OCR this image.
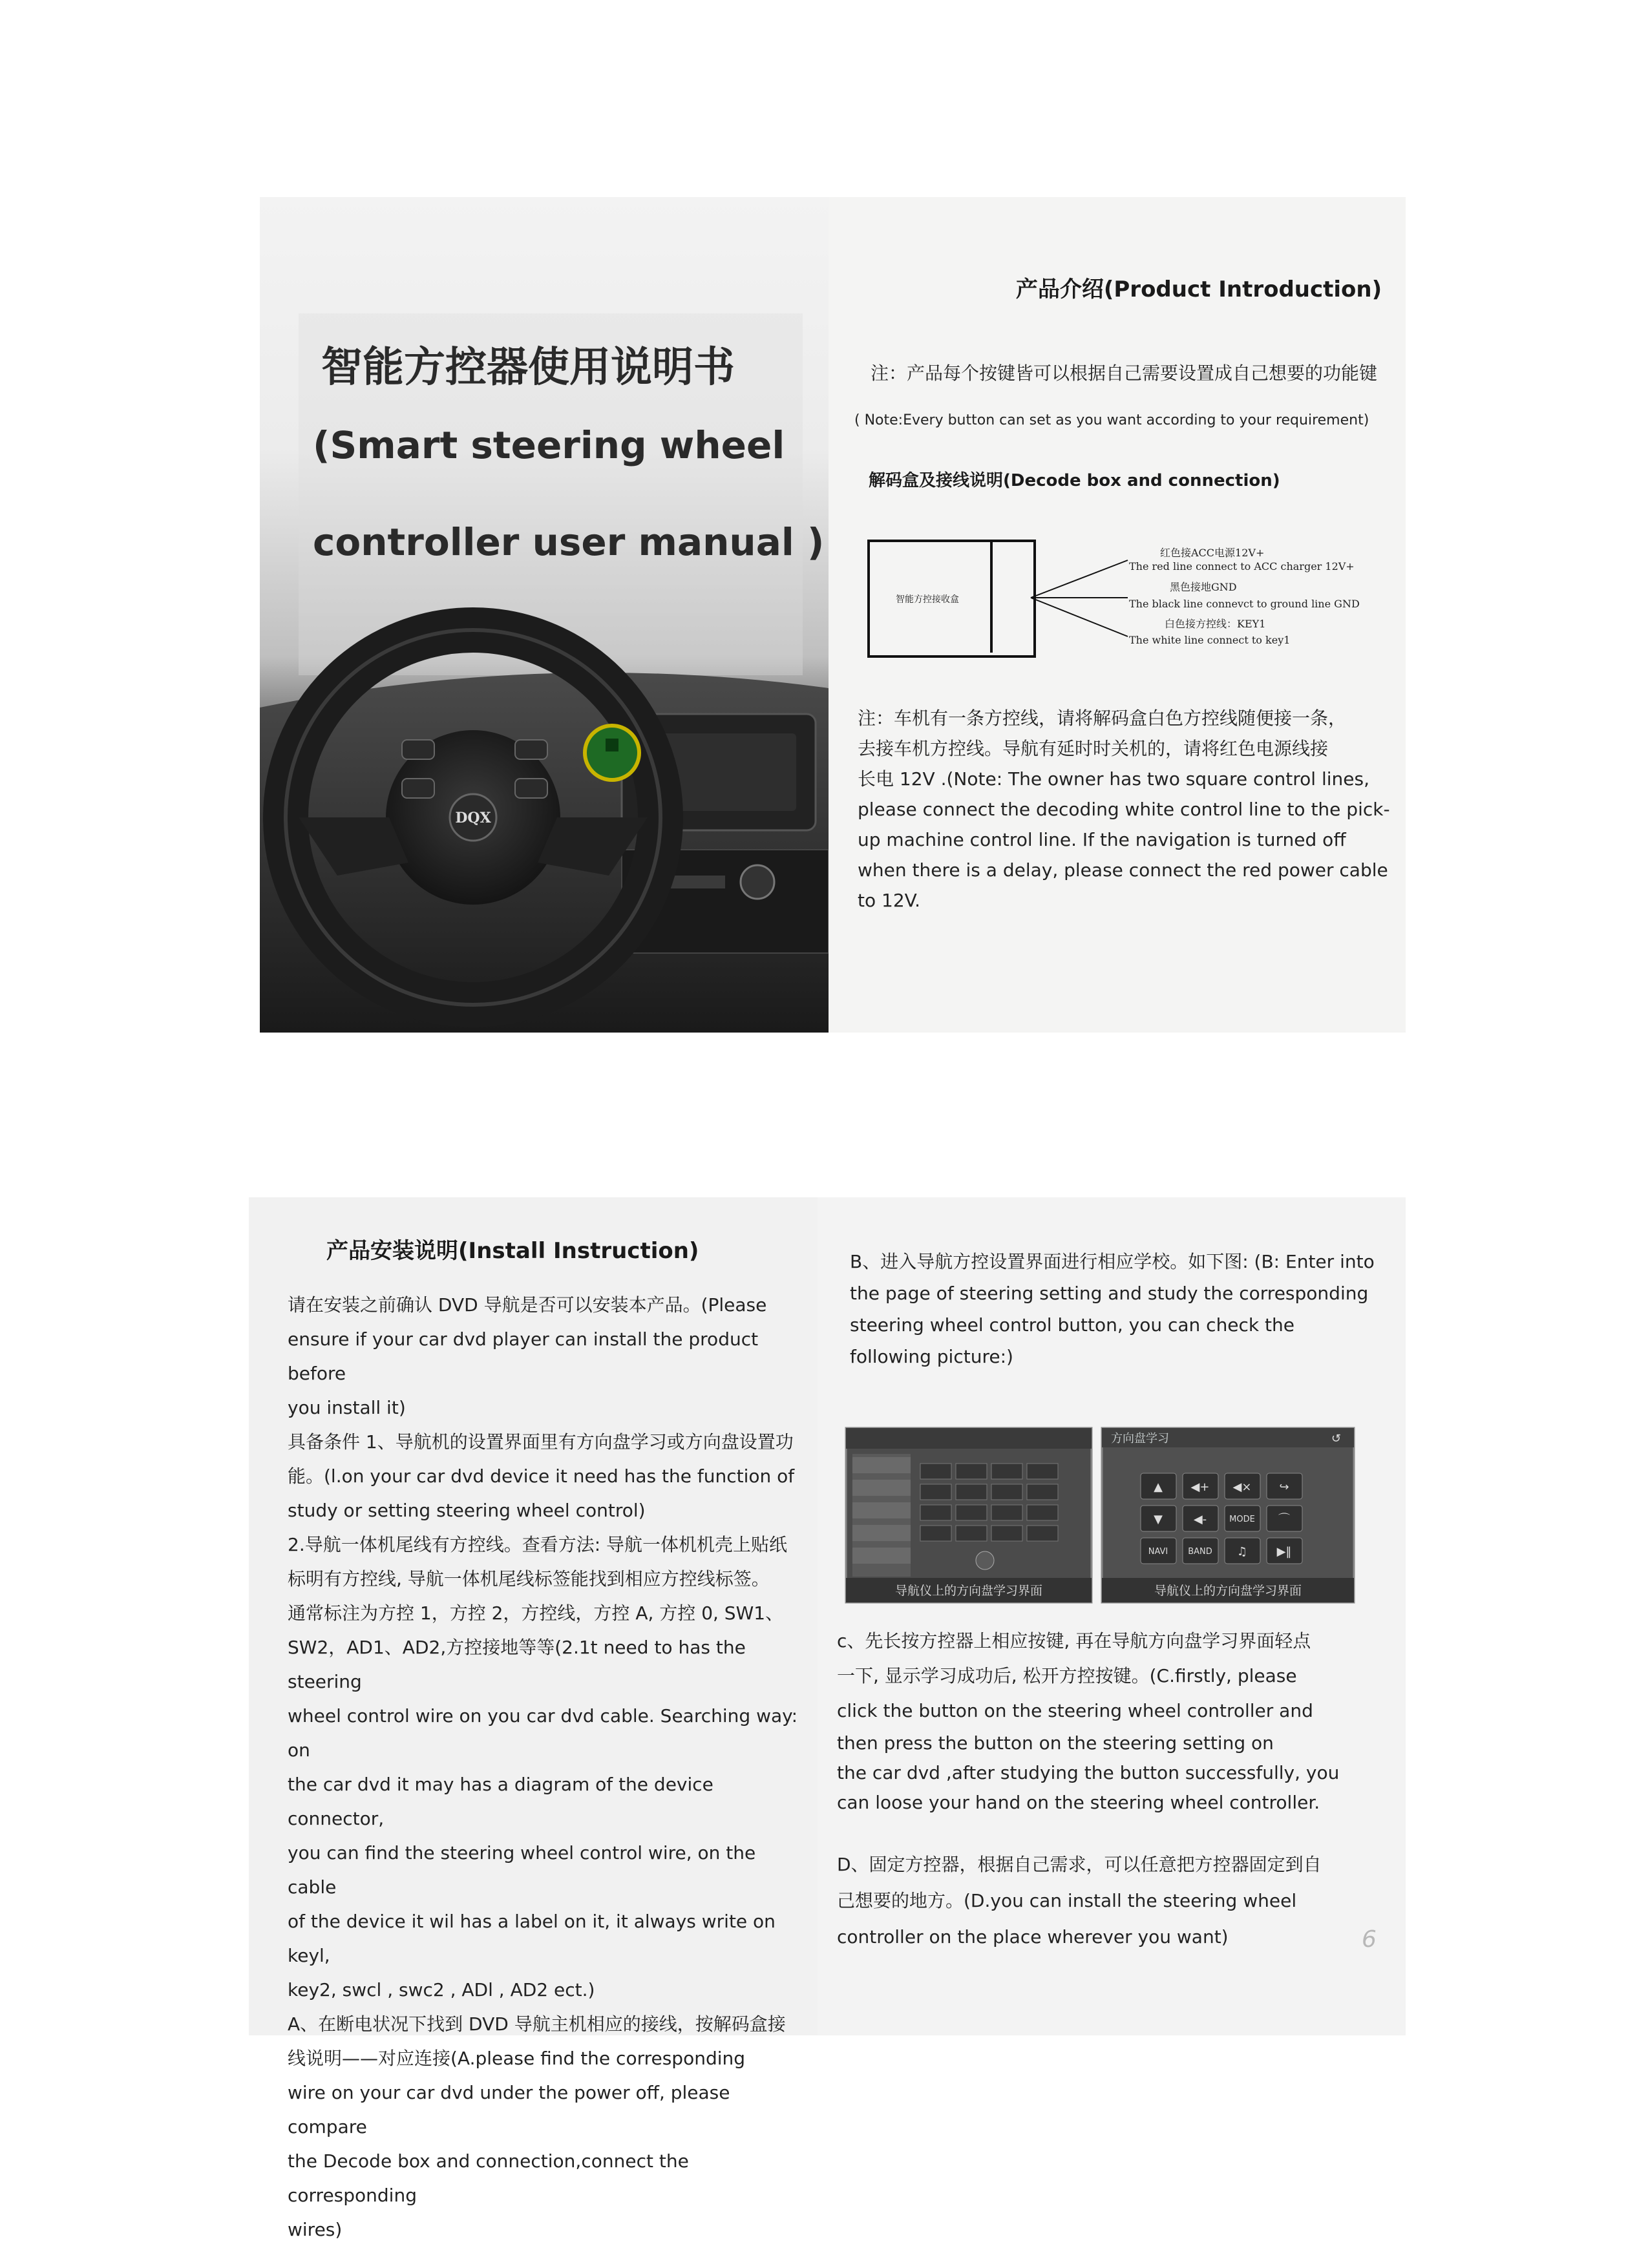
DQX
智能方控器使用说明书
(Smart steering wheel
controller user manual )
产品介绍(Product Introduction)
注：产品每个按键皆可以根据自己需要设置成自己想要的功能键
( Note:Every button can set as you want according to your requirement)
解码盒及接线说明(Decode box and connection)
智能方控接收盒
红色接ACC电源12V+
The red line connect to ACC charger 12V+
黑色接地GND
The black line connevct to ground line GND
白色接方控线：KEY1
The white line connect to key1
注：车机有一条方控线，请将解码盒白色方控线随便接一条，
去接车机方控线。导航有延时时关机的，请将红色电源线接
长电 12V .(Note: The owner has two square control lines,
please connect the decoding white control line to the pick-
up machine control line. If the navigation is turned off
when there is a delay, please connect the red power cable
to 12V.
产品安装说明(Install Instruction)
请在安装之前确认 DVD 导航是否可以安装本产品。(Please
ensure if your car dvd player can install the product before
you install it)
具备条件 1、导航机的设置界面里有方向盘学习或方向盘设置功
能。(l.on your car dvd device it need has the function of
study or setting steering wheel control)
2.导航一体机尾线有方控线。查看方法: 导航一体机机壳上贴纸
标明有方控线, 导航一体机尾线标签能找到相应方控线标签。
通常标注为方控 1，方控 2，方控线，方控 A, 方控 0, SW1、
SW2，AD1、AD2,方控接地等等(2.1t need to has the steering
wheel control wire on you car dvd cable. Searching way: on
the car dvd it may has a diagram of the device connector,
you can find the steering wheel control wire, on the cable
of the device it wil has a label on it, it always write on keyl,
key2, swcl , swc2 , ADl , AD2 ect.)
A、在断电状况下找到 DVD 导航主机相应的接线，按解码盒接
线说明——对应连接(A.please find the corresponding
wire on your car dvd under the power off, please compare
the Decode box and connection,connect the corresponding
wires)
B、进入导航方控设置界面进行相应学校。如下图: (B: Enter into
the page of steering setting and study the corresponding
steering wheel control button, you can check the
following picture:)
导航仪上的方向盘学习界面
方向盘学习	↺
▲ ◀+ ◀× ↪
▼	◀-	⌒
♫	▶‖
MODE
NAVI BAND
导航仪上的方向盘学习界面
c、先长按方控器上相应按键, 再在导航方向盘学习界面轻点
一下, 显示学习成功后, 松开方控按键。(C.firstly, please
click the button on the steering wheel controller and
then press the button on the steering setting on
the car dvd ,after studying the button successfully, you
can loose your hand on the steering wheel controller.
D、固定方控器，根据自己需求，可以任意把方控器固定到自
己想要的地方。(D.you can install the steering wheel
controller on the place wherever you want)	6
